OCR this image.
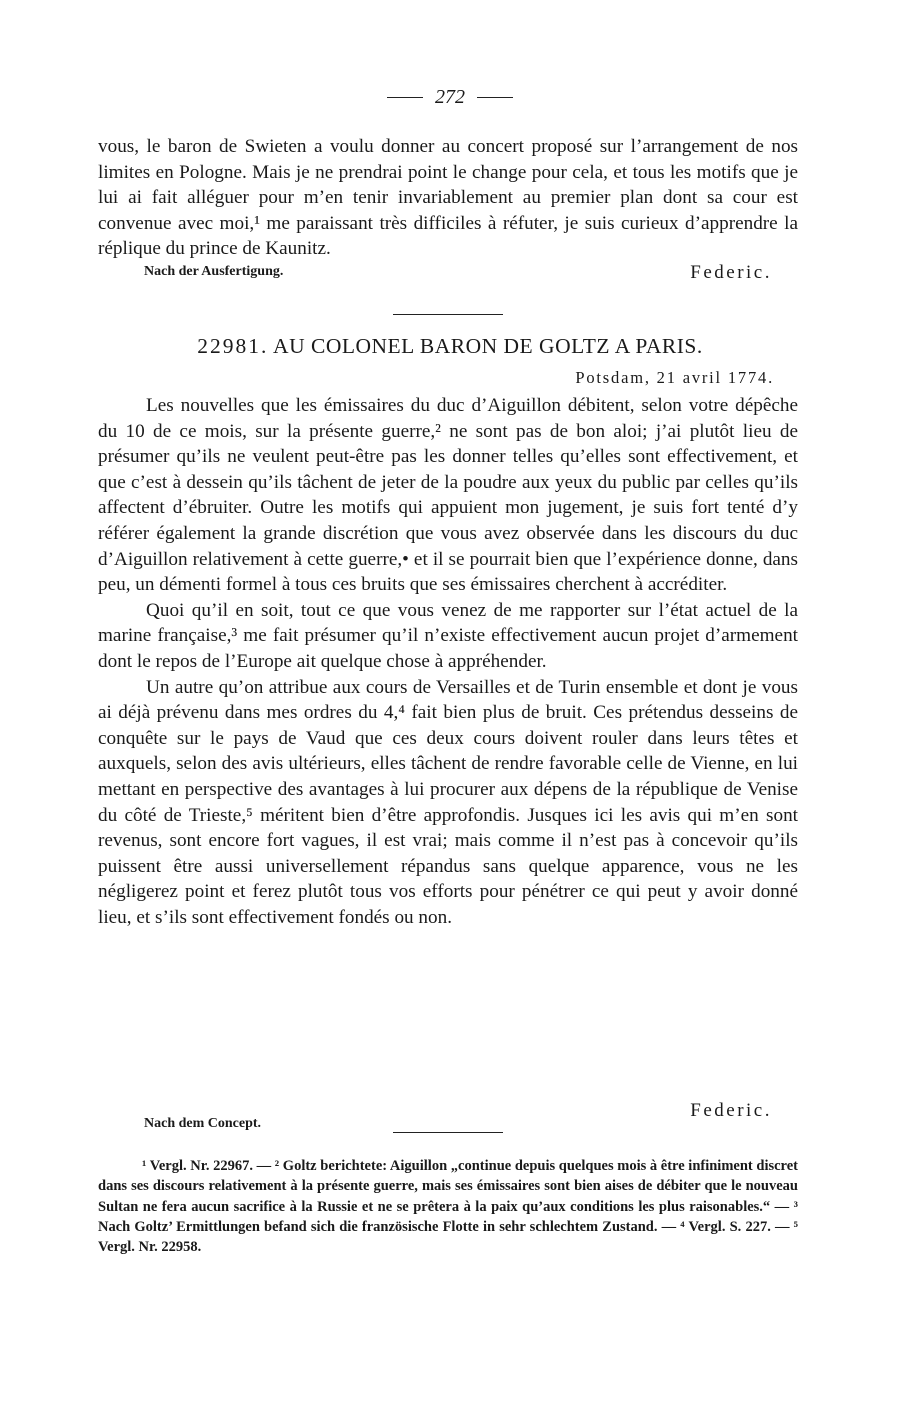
272

vous, le baron de Swieten a voulu donner au concert proposé sur l’arrangement de nos limites en Pologne. Mais je ne prendrai point le change pour cela, et tous les motifs que je lui ai fait alléguer pour m’en tenir invariablement au premier plan dont sa cour est convenue avec moi,¹ me paraissant très difficiles à réfuter, je suis curieux d’apprendre la réplique du prince de Kaunitz.

Nach der Ausfertigung.	Federic.
22981. AU COLONEL BARON DE GOLTZ A PARIS.
Potsdam, 21 avril 1774.

Les nouvelles que les émissaires du duc d’Aiguillon débitent, selon votre dépêche du 10 de ce mois, sur la présente guerre,² ne sont pas de bon aloi; j’ai plutôt lieu de présumer qu’ils ne veulent peut-être pas les donner telles qu’elles sont effectivement, et que c’est à dessein qu’ils tâchent de jeter de la poudre aux yeux du public par celles qu’ils affectent d’ébruiter. Outre les motifs qui appuient mon jugement, je suis fort tenté d’y référer également la grande discrétion que vous avez observée dans les discours du duc d’Aiguillon relativement à cette guerre,• et il se pourrait bien que l’expérience donne, dans peu, un démenti formel à tous ces bruits que ses émissaires cherchent à accréditer.

Quoi qu’il en soit, tout ce que vous venez de me rapporter sur l’état actuel de la marine française,³ me fait présumer qu’il n’existe effectivement aucun projet d’armement dont le repos de l’Europe ait quelque chose à appréhender.

Un autre qu’on attribue aux cours de Versailles et de Turin ensemble et dont je vous ai déjà prévenu dans mes ordres du 4,⁴ fait bien plus de bruit. Ces prétendus desseins de conquête sur le pays de Vaud que ces deux cours doivent rouler dans leurs têtes et auxquels, selon des avis ultérieurs, elles tâchent de rendre favorable celle de Vienne, en lui mettant en perspective des avantages à lui procurer aux dépens de la république de Venise du côté de Trieste,⁵ méritent bien d’être approfondis. Jusques ici les avis qui m’en sont revenus, sont encore fort vagues, il est vrai; mais comme il n’est pas à concevoir qu’ils puissent être aussi universellement répandus sans quelque apparence, vous ne les négligerez point et ferez plutôt tous vos efforts pour pénétrer ce qui peut y avoir donné lieu, et s’ils sont effectivement fondés ou non.

Federic.
Nach dem Concept.

¹ Vergl. Nr. 22967. — ² Goltz berichtete: Aiguillon „continue depuis quelques mois à être infiniment discret dans ses discours relativement à la présente guerre, mais ses émissaires sont bien aises de débiter que le nouveau Sultan ne fera aucun sacrifice à la Russie et ne se prêtera à la paix qu’aux conditions les plus raisonables.“ — ³ Nach Goltz’ Ermittlungen befand sich die französische Flotte in sehr schlechtem Zustand. — ⁴ Vergl. S. 227. — ⁵ Vergl. Nr. 22958.
